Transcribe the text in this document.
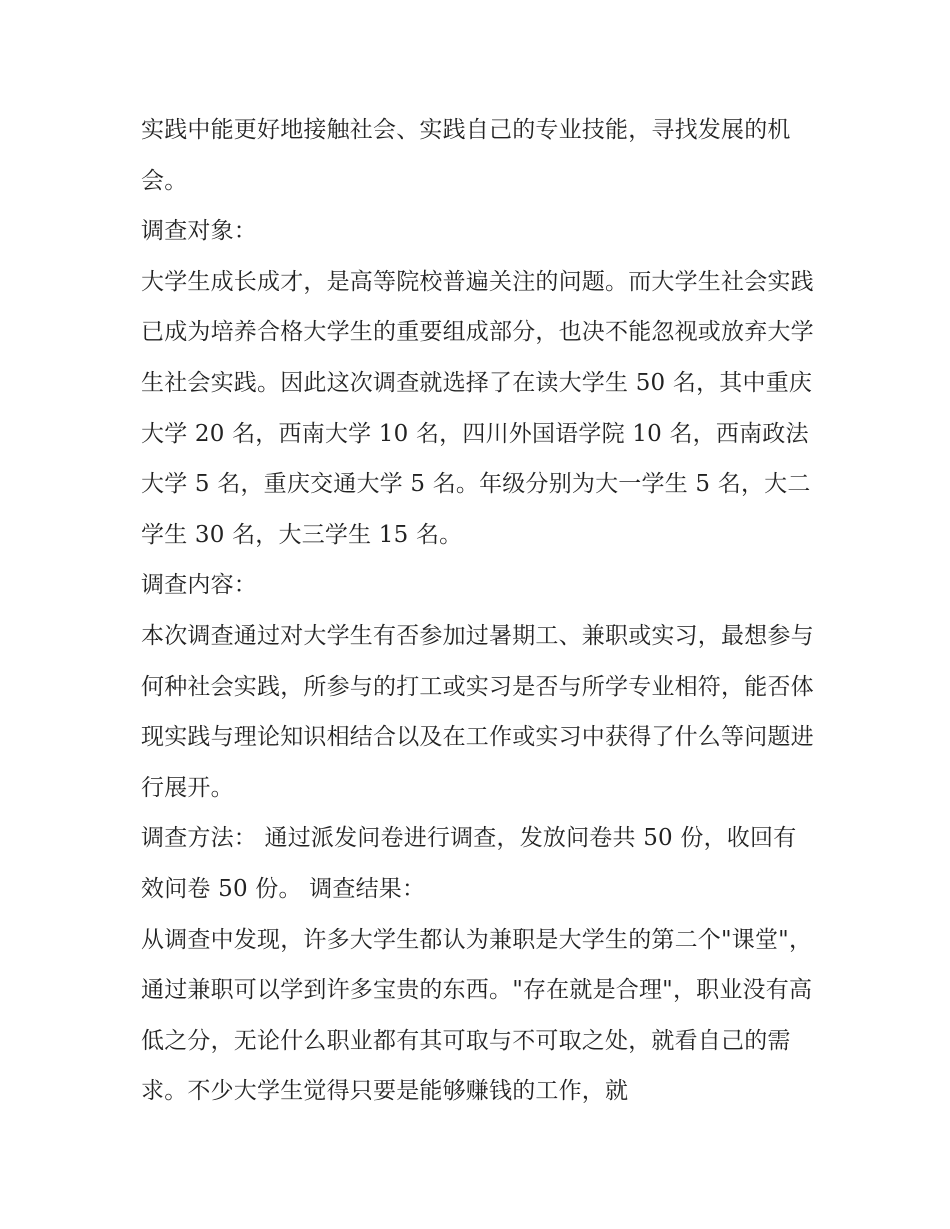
实践中能更好地接触社会、实践自己的专业技能，寻找发展的机会。

调查对象：

大学生成长成才，是高等院校普遍关注的问题。而大学生社会实践已成为培养合格大学生的重要组成部分，也决不能忽视或放弃大学生社会实践。因此这次调查就选择了在读大学生 50 名，其中重庆大学 20 名，西南大学 10 名，四川外国语学院 10 名，西南政法大学 5 名，重庆交通大学 5 名。年级分别为大一学生 5 名，大二学生 30 名，大三学生 15 名。

调查内容：

本次调查通过对大学生有否参加过暑期工、兼职或实习，最想参与何种社会实践，所参与的打工或实习是否与所学专业相符，能否体现实践与理论知识相结合以及在工作或实习中获得了什么等问题进行展开。

调查方法： 通过派发问卷进行调查，发放问卷共 50 份，收回有效问卷 50 份。 调查结果：

从调查中发现，许多大学生都认为兼职是大学生的第二个"课堂"，通过兼职可以学到许多宝贵的东西。"存在就是合理"，职业没有高低之分，无论什么职业都有其可取与不可取之处，就看自己的需求。不少大学生觉得只要是能够赚钱的工作，就
